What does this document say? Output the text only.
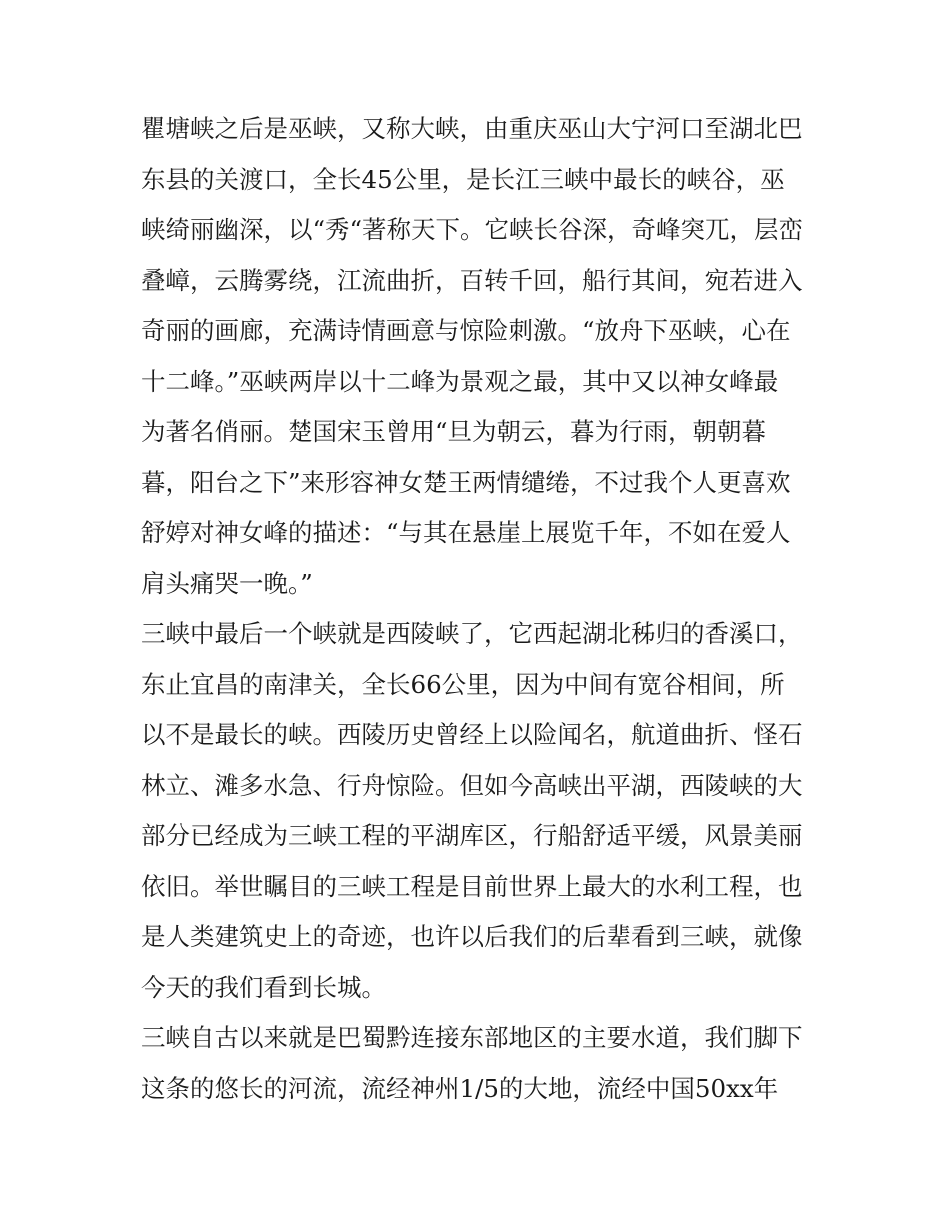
瞿塘峡之后是巫峡，又称大峡，由重庆巫山大宁河口至湖北巴
东县的关渡口，全长45公里，是长江三峡中最长的峡谷，巫
峡绮丽幽深，以“秀“著称天下。它峡长谷深，奇峰突兀，层峦
叠嶂，云腾雾绕，江流曲折，百转千回，船行其间，宛若进入
奇丽的画廊，充满诗情画意与惊险刺激。“放舟下巫峡，心在
十二峰。”巫峡两岸以十二峰为景观之最，其中又以神女峰最
为著名俏丽。楚国宋玉曾用“旦为朝云，暮为行雨，朝朝暮
暮，阳台之下”来形容神女楚王两情缱绻，不过我个人更喜欢
舒婷对神女峰的描述：“与其在悬崖上展览千年，不如在爱人
肩头痛哭一晚。”
三峡中最后一个峡就是西陵峡了，它西起湖北秭归的香溪口，
东止宜昌的南津关，全长66公里，因为中间有宽谷相间，所
以不是最长的峡。西陵历史曾经上以险闻名，航道曲折、怪石
林立、滩多水急、行舟惊险。但如今高峡出平湖，西陵峡的大
部分已经成为三峡工程的平湖库区，行船舒适平缓，风景美丽
依旧。举世瞩目的三峡工程是目前世界上最大的水利工程，也
是人类建筑史上的奇迹，也许以后我们的后辈看到三峡，就像
今天的我们看到长城。
三峡自古以来就是巴蜀黔连接东部地区的主要水道，我们脚下
这条的悠长的河流，流经神州1/5的大地，流经中国50xx年
